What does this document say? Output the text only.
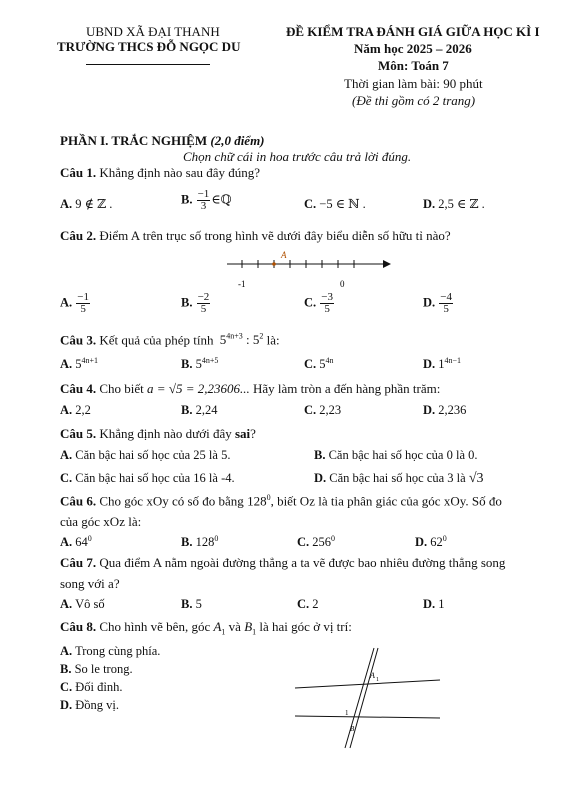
UBND XÃ ĐẠI THANH
TRƯỜNG THCS ĐỖ NGỌC DU
ĐỀ KIỂM TRA ĐÁNH GIÁ GIỮA HỌC KÌ I
Năm học 2025 – 2026
Môn: Toán 7
Thời gian làm bài: 90 phút
(Đề thi gồm có 2 trang)
PHẦN I. TRẮC NGHIỆM (2,0 điểm)
Chọn chữ cái in hoa trước câu trả lời đúng.
Câu 1. Khẳng định nào sau đây đúng?
A. 9 ∉ ℤ .	B. $\frac{-1}{3}$ ∈ℚ	C. −5 ∈ ℕ .	D. 2,5 ∈ ℤ .
Câu 2. Điểm A trên trục số trong hình vẽ dưới đây biểu diễn số hữu tỉ nào?
A
-1	0
A. $\frac{-1}{5}$	B. $\frac{-2}{5}$	C. $\frac{-3}{5}$	D. $\frac{-4}{5}$
Câu 3. Kết quả của phép tính $5^{4n+3}$ : $5^2$ là:
A. $5^{4n+1}$	B. $5^{4n+5}$	C. $5^{4n}$	D. $1^{4n-1}$
Câu 4. Cho biết a = √5 = 2,23606... Hãy làm tròn a đến hàng phần trăm:
A. 2,2	B. 2,24	C. 2,23	D. 2,236
Câu 5. Khẳng định nào dưới đây sai?
A. Căn bậc hai số học của 25 là 5.	B. Căn bậc hai số học của 0 là 0.
C. Căn bậc hai số học của 16 là -4.	D. Căn bậc hai số học của 3 là √3
Câu 6. Cho góc xOy có số đo bằng $128^0$, biết Oz là tia phân giác của góc xOy. Số đo
của góc xOz là:
A. $64^0$	B. $128^0$	C. $256^0$	D. $62^0$
Câu 7. Qua điểm A nằm ngoài đường thẳng a ta vẽ được bao nhiêu đường thẳng song
song với a?
A. Vô số	B. 5	C. 2	D. 1
Câu 8. Cho hình vẽ bên, góc $A_1$ và $B_1$ là hai góc ở vị trí:
A. Trong cùng phía.
B. So le trong.
C. Đối đỉnh.
D. Đồng vị.
A 1
1
B
